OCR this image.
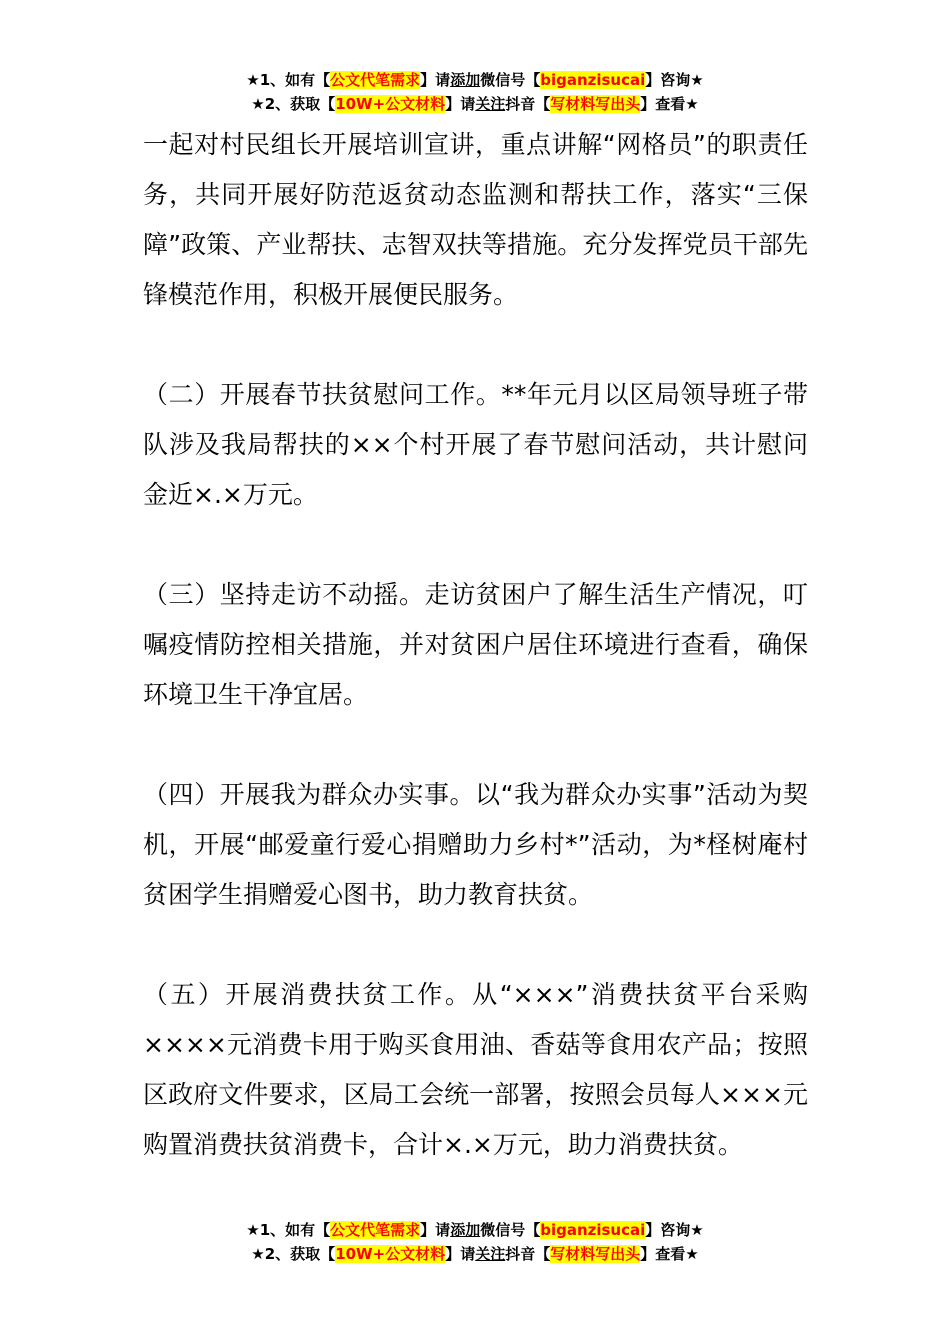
★1、如有【公文代笔需求】请添加微信号【biganzisucai】咨询★
★2、获取【10W+公文材料】请关注抖音【写材料写出头】查看★

一起对村民组长开展培训宣讲，重点讲解“网格员”的职责任务，共同开展好防范返贫动态监测和帮扶工作，落实“三保障”政策、产业帮扶、志智双扶等措施。充分发挥党员干部先锋模范作用，积极开展便民服务。

（二）开展春节扶贫慰问工作。**年元月以区局领导班子带队涉及我局帮扶的××个村开展了春节慰问活动，共计慰问金近×.×万元。

（三）坚持走访不动摇。走访贫困户了解生活生产情况，叮嘱疫情防控相关措施，并对贫困户居住环境进行查看，确保环境卫生干净宜居。

（四）开展我为群众办实事。以“我为群众办实事”活动为契机，开展“邮爱童行爱心捐赠助力乡村*”活动，为*柽树庵村贫困学生捐赠爱心图书，助力教育扶贫。

（五）开展消费扶贫工作。从“×××”消费扶贫平台采购××××元消费卡用于购买食用油、香菇等食用农产品；按照区政府文件要求，区局工会统一部署，按照会员每人×××元购置消费扶贫消费卡，合计×.×万元，助力消费扶贫。

★1、如有【公文代笔需求】请添加微信号【biganzisucai】咨询★
★2、获取【10W+公文材料】请关注抖音【写材料写出头】查看★
